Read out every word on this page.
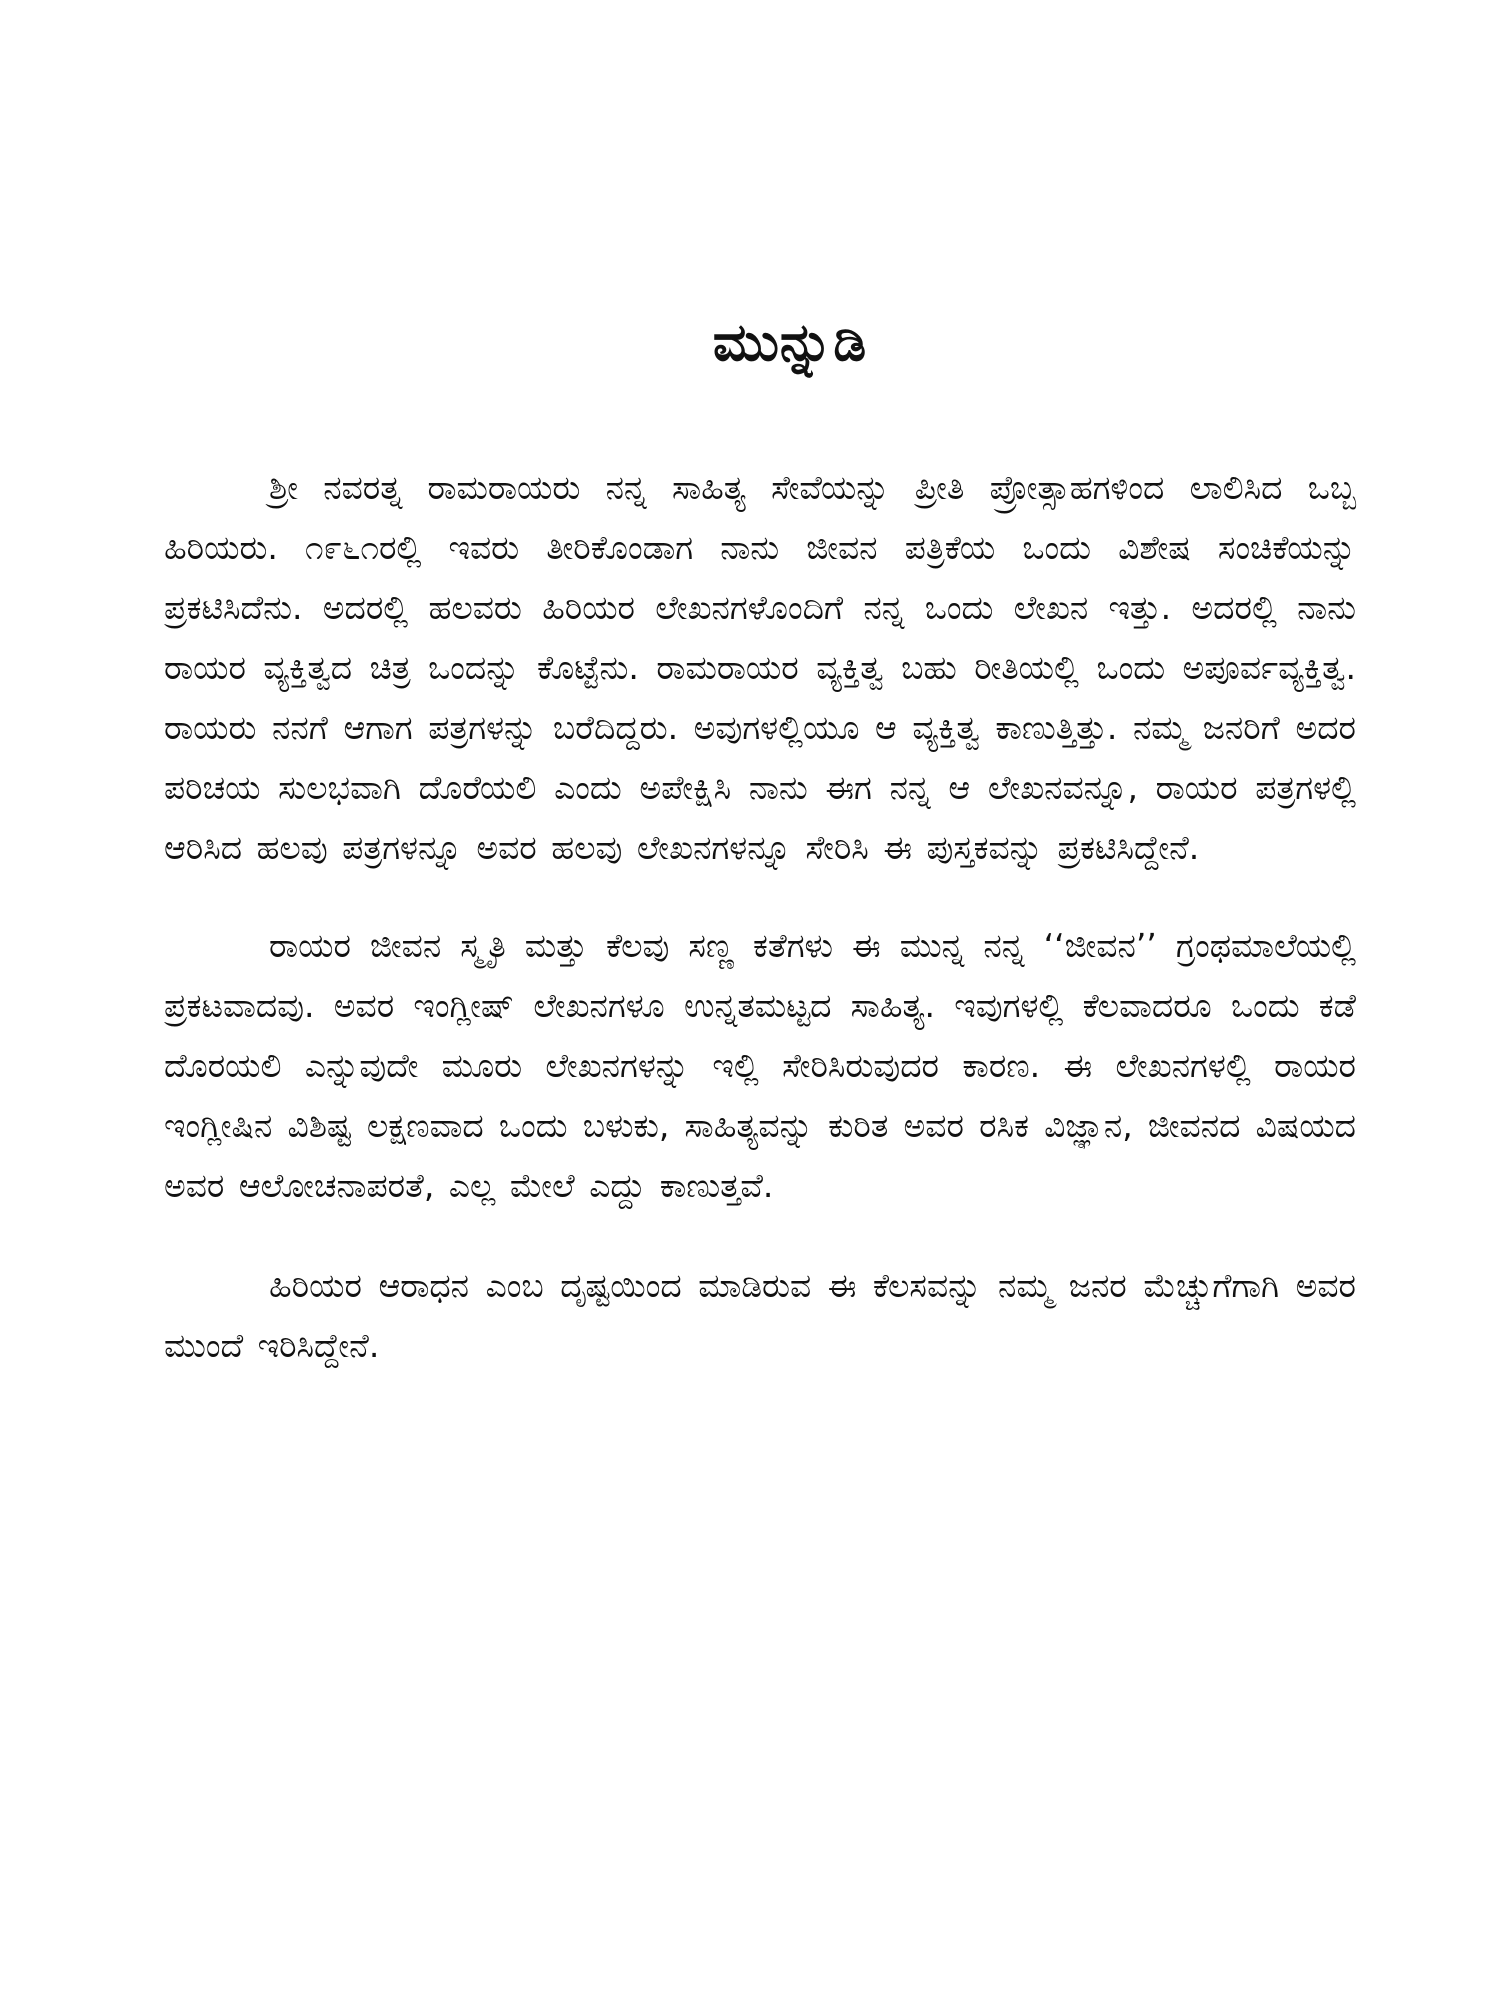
ಮುನ್ನುಡಿ

ಶ್ರೀ ನವರತ್ನ ರಾಮರಾಯರು ನನ್ನ ಸಾಹಿತ್ಯ ಸೇವೆಯನ್ನು ಪ್ರೀತಿ ಪ್ರೋತ್ಸಾಹಗಳಿಂದ ಲಾಲಿಸಿದ ಒಬ್ಬ ಹಿರಿಯರು. ೧೯೬೧ರಲ್ಲಿ ಇವರು ತೀರಿಕೊಂಡಾಗ ನಾನು ಜೀವನ ಪತ್ರಿಕೆಯ ಒಂದು ವಿಶೇಷ ಸಂಚಿಕೆಯನ್ನು ಪ್ರಕಟಿಸಿದೆನು. ಅದರಲ್ಲಿ ಹಲವರು ಹಿರಿಯರ ಲೇಖನಗಳೊಂದಿಗೆ ನನ್ನ ಒಂದು ಲೇಖನ ಇತ್ತು. ಅದರಲ್ಲಿ ನಾನು ರಾಯರ ವ್ಯಕ್ತಿತ್ವದ ಚಿತ್ರ ಒಂದನ್ನು ಕೊಟ್ಟೆನು. ರಾಮರಾಯರ ವ್ಯಕ್ತಿತ್ವ ಬಹು ರೀತಿಯಲ್ಲಿ ಒಂದು ಅಪೂರ್ವವ್ಯಕ್ತಿತ್ವ. ರಾಯರು ನನಗೆ ಆಗಾಗ ಪತ್ರಗಳನ್ನು ಬರೆದಿದ್ದರು. ಅವುಗಳಲ್ಲಿಯೂ ಆ ವ್ಯಕ್ತಿತ್ವ ಕಾಣುತ್ತಿತ್ತು. ನಮ್ಮ ಜನರಿಗೆ ಅದರ ಪರಿಚಯ ಸುಲಭವಾಗಿ ದೊರೆಯಲಿ ಎಂದು ಅಪೇಕ್ಷಿಸಿ ನಾನು ಈಗ ನನ್ನ ಆ ಲೇಖನವನ್ನೂ, ರಾಯರ ಪತ್ರಗಳಲ್ಲಿ ಆರಿಸಿದ ಹಲವು ಪತ್ರಗಳನ್ನೂ ಅವರ ಹಲವು ಲೇಖನಗಳನ್ನೂ ಸೇರಿಸಿ ಈ ಪುಸ್ತಕವನ್ನು ಪ್ರಕಟಿಸಿದ್ದೇನೆ.

ರಾಯರ ಜೀವನ ಸ್ಮೃತಿ ಮತ್ತು ಕೆಲವು ಸಣ್ಣ ಕತೆಗಳು ಈ ಮುನ್ನ ನನ್ನ ‘‘ಜೀವನ’’ ಗ್ರಂಥಮಾಲೆಯಲ್ಲಿ ಪ್ರಕಟವಾದವು. ಅವರ ಇಂಗ್ಲೀಷ್ ಲೇಖನಗಳೂ ಉನ್ನತಮಟ್ಟದ ಸಾಹಿತ್ಯ. ಇವುಗಳಲ್ಲಿ ಕೆಲವಾದರೂ ಒಂದು ಕಡೆ ದೊರಯಲಿ ಎನ್ನುವುದೇ ಮೂರು ಲೇಖನಗಳನ್ನು ಇಲ್ಲಿ ಸೇರಿಸಿರುವುದರ ಕಾರಣ. ಈ ಲೇಖನಗಳಲ್ಲಿ ರಾಯರ ಇಂಗ್ಲೀಷಿನ ವಿಶಿಷ್ಟ ಲಕ್ಷಣವಾದ ಒಂದು ಬಳುಕು, ಸಾಹಿತ್ಯವನ್ನು ಕುರಿತ ಅವರ ರಸಿಕ ವಿಜ್ಞಾನ, ಜೀವನದ ವಿಷಯದ ಅವರ ಆಲೋಚನಾಪರತೆ, ಎಲ್ಲ ಮೇಲೆ ಎದ್ದು ಕಾಣುತ್ತವೆ.

ಹಿರಿಯರ ಆರಾಧನ ಎಂಬ ದೃಷ್ಟಯಿಂದ ಮಾಡಿರುವ ಈ ಕೆಲಸವನ್ನು ನಮ್ಮ ಜನರ ಮೆಚ್ಚುಗೆಗಾಗಿ ಅವರ ಮುಂದೆ ಇರಿಸಿದ್ದೇನೆ.
